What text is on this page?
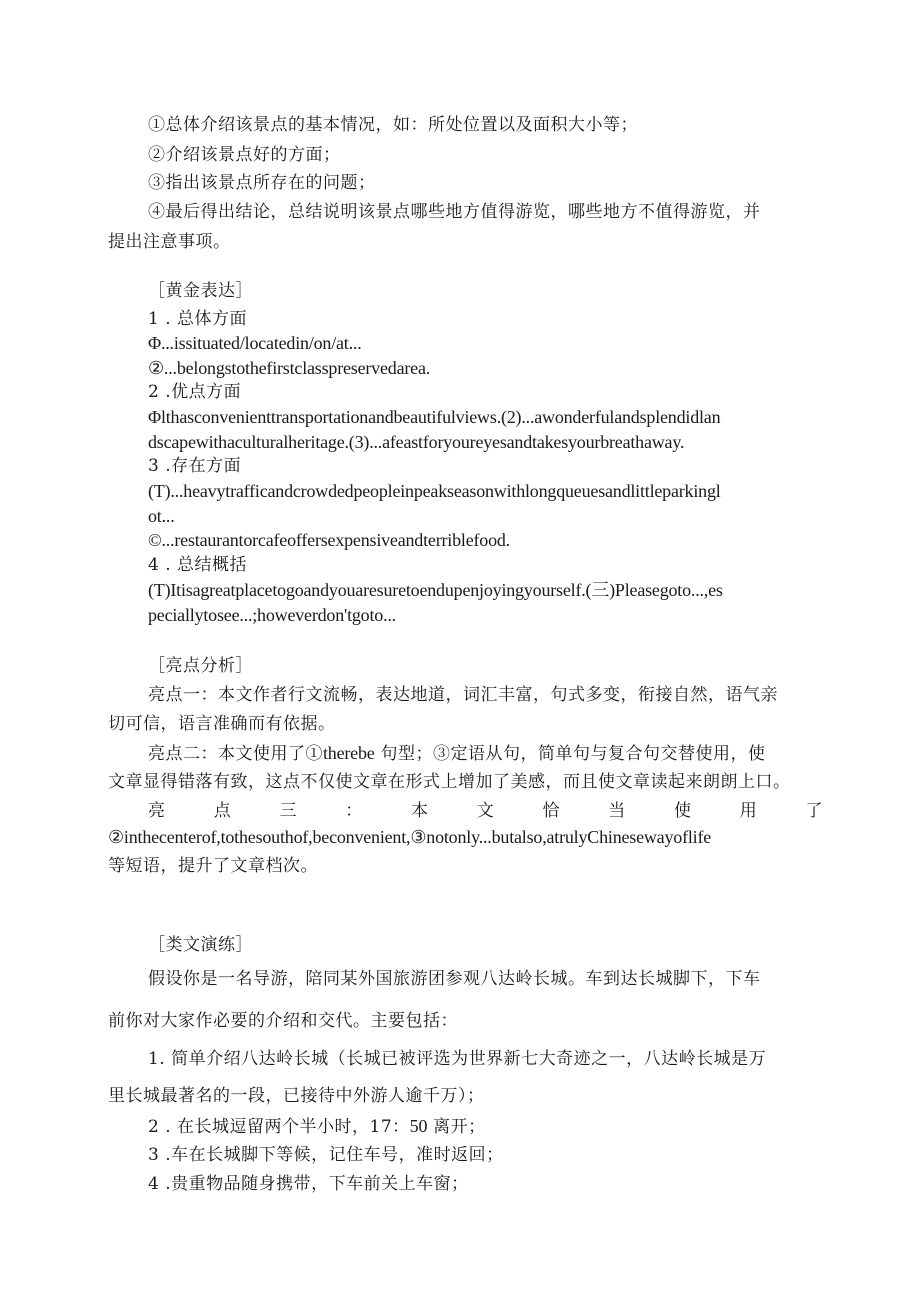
①总体介绍该景点的基本情况，如：所处位置以及面积大小等；
②介绍该景点好的方面；
③指出该景点所存在的问题；
④最后得出结论，总结说明该景点哪些地方值得游览，哪些地方不值得游览，并
提出注意事项。
［黄金表达］
1 . 总体方面
Φ...issituated/locatedin/on/at...
②...belongstothefirstclasspreservedarea.
2 .优点方面
Φlthasconvenienttransportationandbeautifulviews.(2)...awonderfulandsplendidlan
dscapewithaculturalheritage.(3)...afeastforyoureyesandtakesyourbreathaway.
3 .存在方面
(T)...heavytrafficandcrowdedpeopleinpeakseasonwithlongqueuesandlittleparkingl
ot...
©...restaurantorcafeoffersexpensiveandterriblefood.
4 . 总结概括
(T)Itisagreatplacetogoandyouaresuretoendupenjoyingyourself.(三)Pleasegoto...,es
peciallytosee...;howeverdon'tgoto...
［亮点分析］
亮点一：本文作者行文流畅，表达地道，词汇丰富，句式多变，衔接自然，语气亲
切可信，语言准确而有依据。
亮点二：本文使用了①therebe 句型；③定语从句，简单句与复合句交替使用，使
文章显得错落有致，这点不仅使文章在形式上增加了美感，而且使文章读起来朗朗上口。
亮	点	三	：	本	文	恰	当	使	用	了
②inthecenterof,tothesouthof,beconvenient,③notonly...butalso,atrulyChinesewayoflife
等短语，提升了文章档次。
［类文演练］
假设你是一名导游，陪同某外国旅游团参观八达岭长城。车到达长城脚下，下车
前你对大家作必要的介绍和交代。主要包括：
1. 简单介绍八达岭长城（长城已被评选为世界新七大奇迹之一，八达岭长城是万
里长城最著名的一段，已接待中外游人逾千万）；
2 . 在长城逗留两个半小时，17：50 离开；
3 .车在长城脚下等候，记住车号，准时返回；
4 .贵重物品随身携带，下车前关上车窗；
